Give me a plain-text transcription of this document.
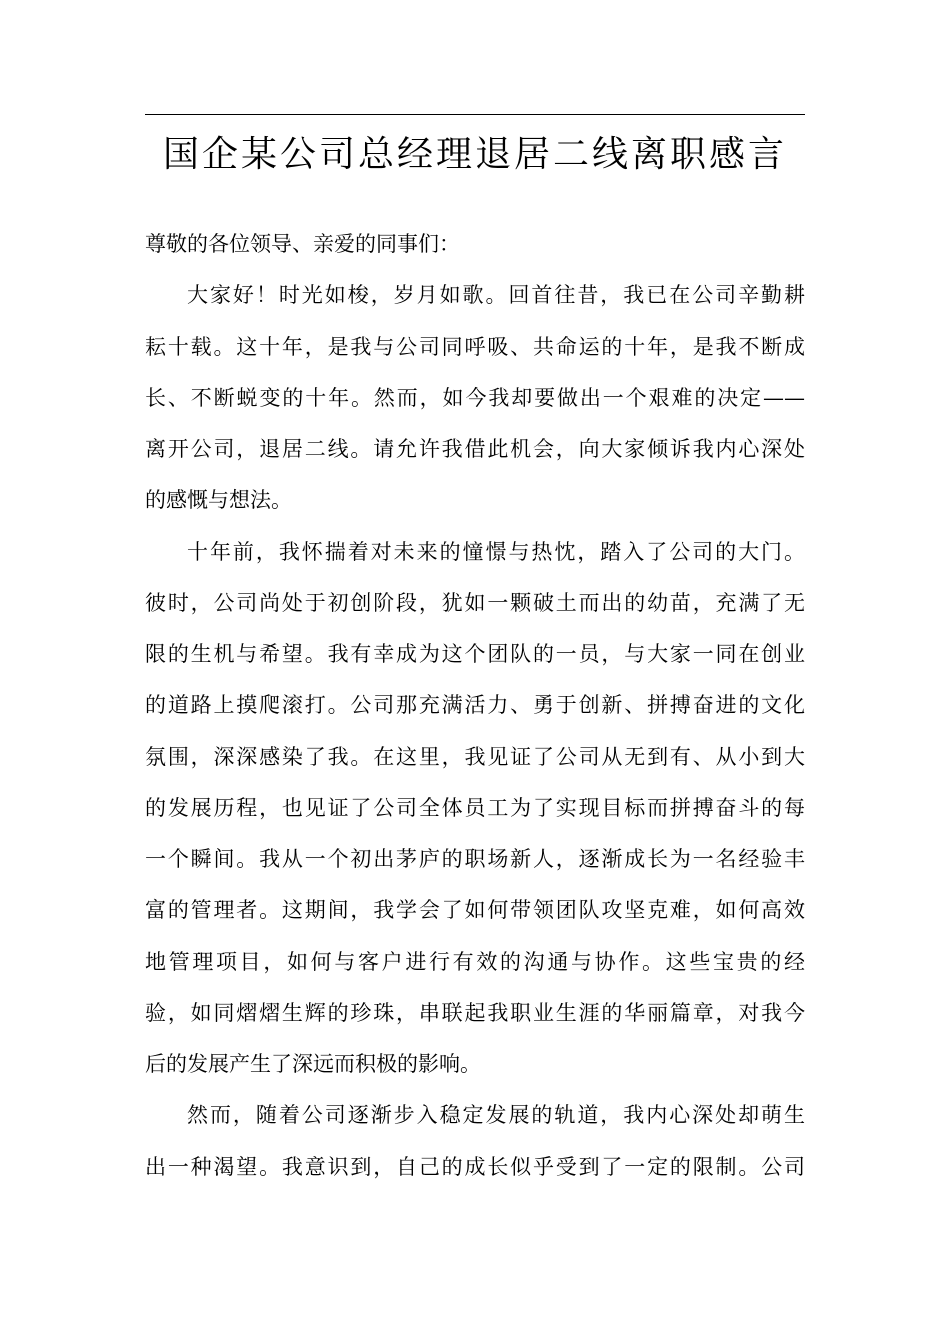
国企某公司总经理退居二线离职感言
尊敬的各位领导、亲爱的同事们：
大家好！时光如梭，岁月如歌。回首往昔，我已在公司辛勤耕
耘十载。这十年，是我与公司同呼吸、共命运的十年，是我不断成
长、不断蜕变的十年。然而，如今我却要做出一个艰难的决定——
离开公司，退居二线。请允许我借此机会，向大家倾诉我内心深处
的感慨与想法。
十年前，我怀揣着对未来的憧憬与热忱，踏入了公司的大门。
彼时，公司尚处于初创阶段，犹如一颗破土而出的幼苗，充满了无
限的生机与希望。我有幸成为这个团队的一员，与大家一同在创业
的道路上摸爬滚打。公司那充满活力、勇于创新、拼搏奋进的文化
氛围，深深感染了我。在这里，我见证了公司从无到有、从小到大
的发展历程，也见证了公司全体员工为了实现目标而拼搏奋斗的每
一个瞬间。我从一个初出茅庐的职场新人，逐渐成长为一名经验丰
富的管理者。这期间，我学会了如何带领团队攻坚克难，如何高效
地管理项目，如何与客户进行有效的沟通与协作。这些宝贵的经
验，如同熠熠生辉的珍珠，串联起我职业生涯的华丽篇章，对我今
后的发展产生了深远而积极的影响。
然而，随着公司逐渐步入稳定发展的轨道，我内心深处却萌生
出一种渴望。我意识到，自己的成长似乎受到了一定的限制。公司
